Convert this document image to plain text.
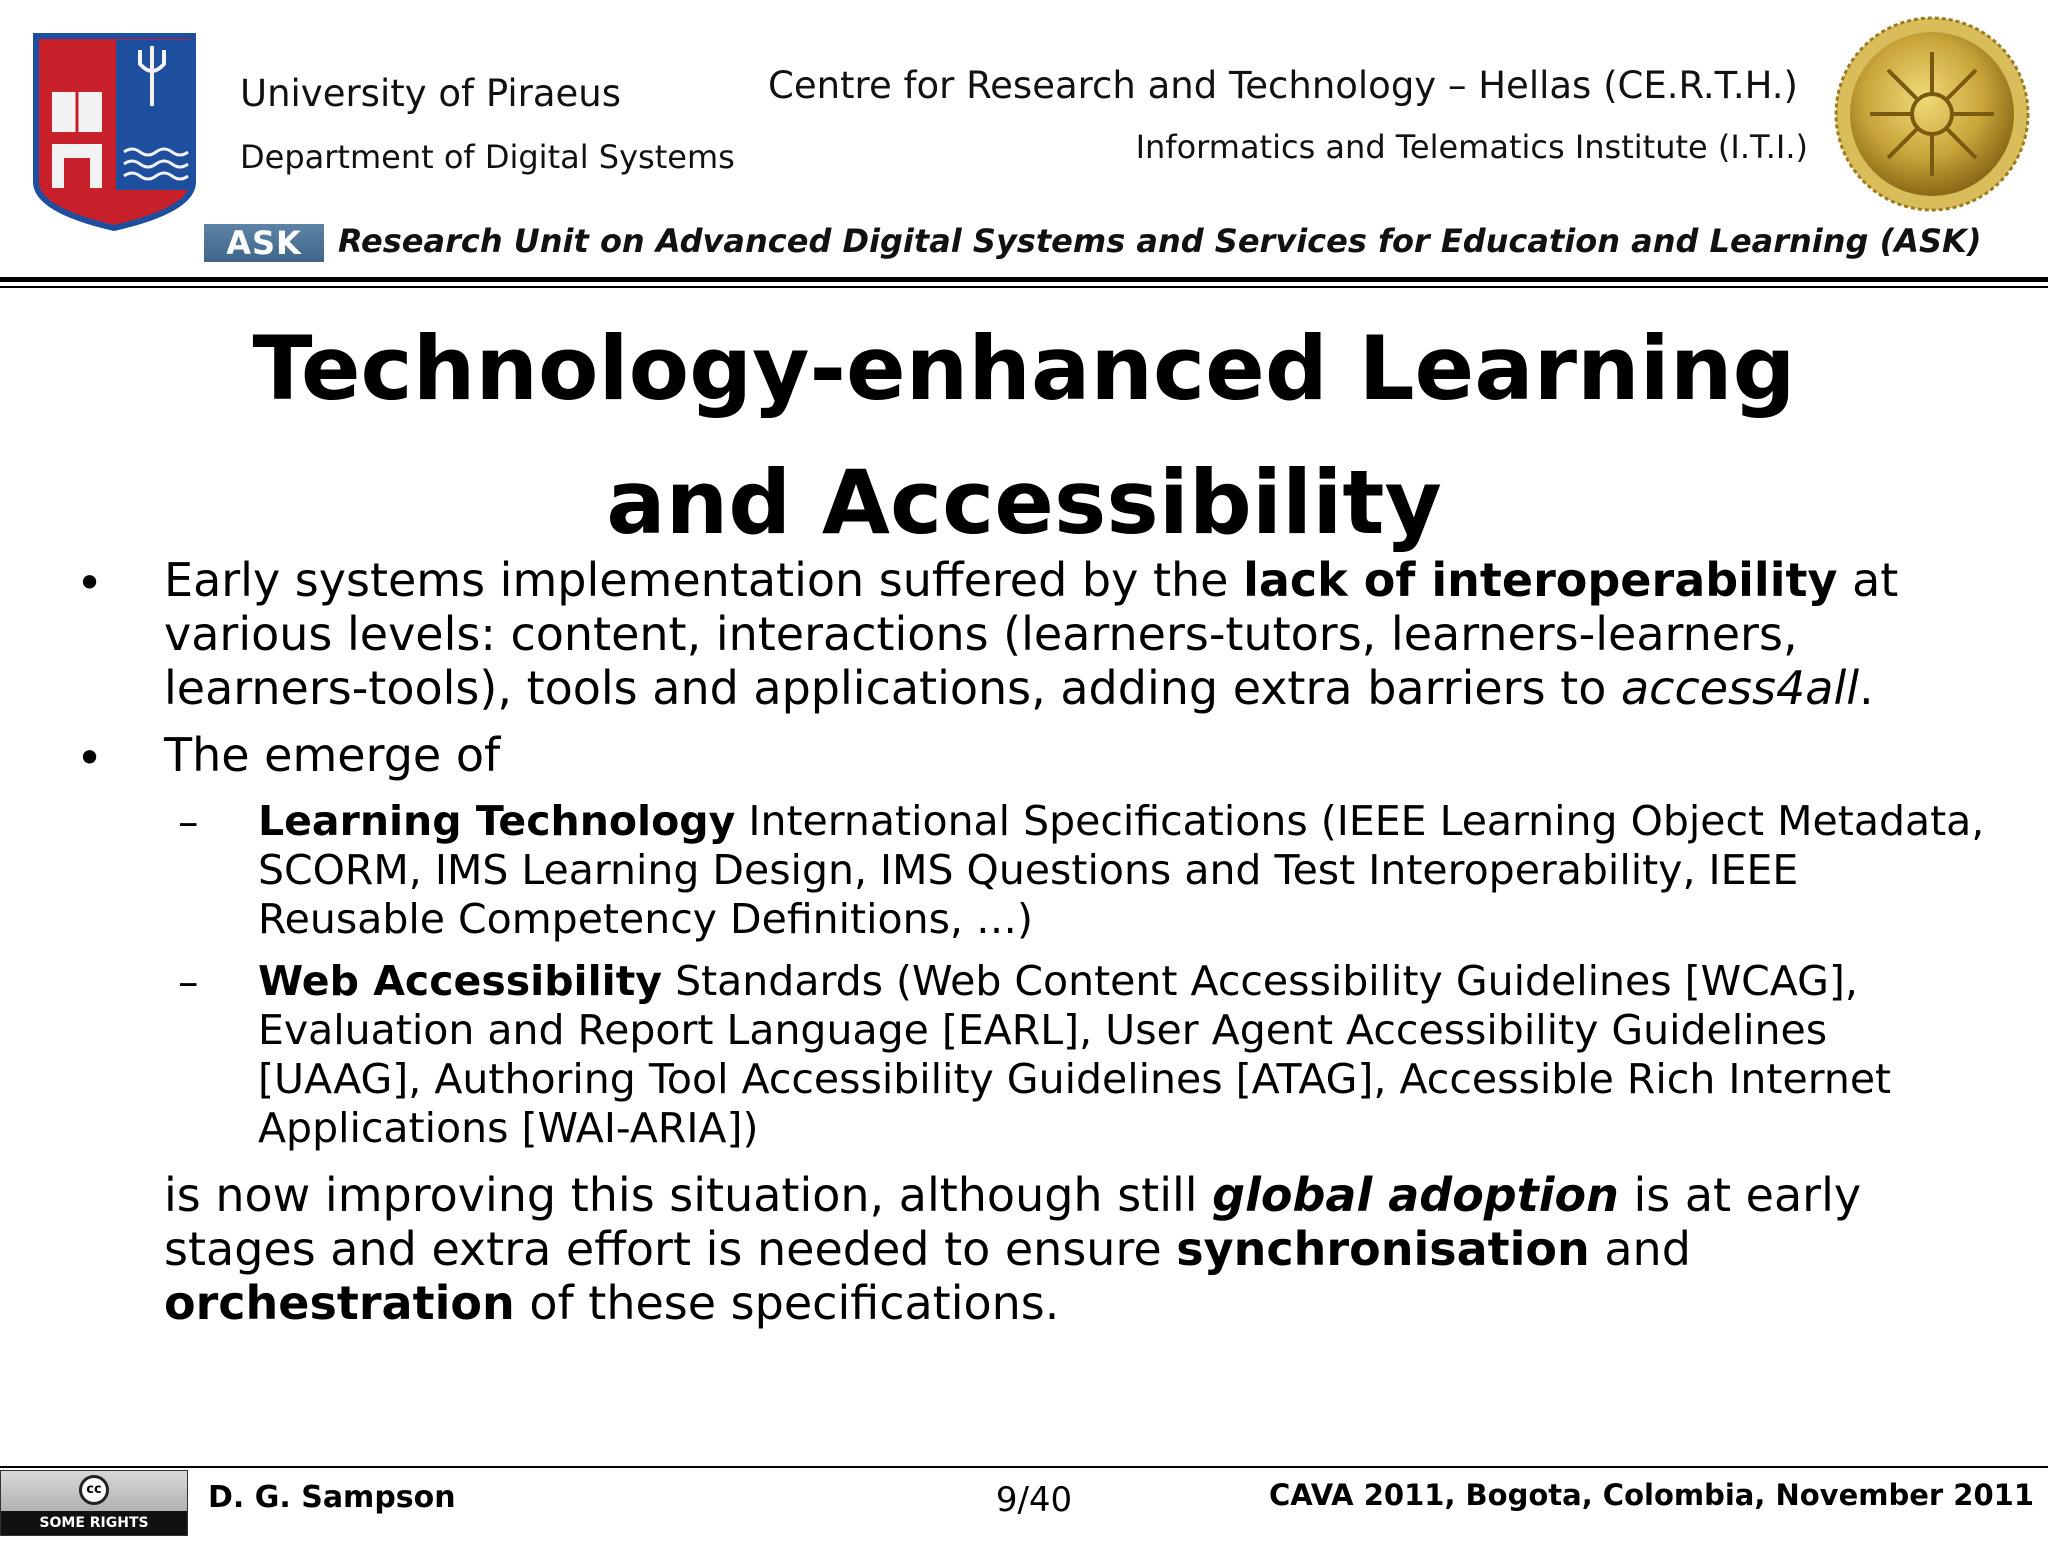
University of Piraeus
Department of Digital Systems
Centre for Research and Technology – Hellas (CE.R.T.H.)
Informatics and Telematics Institute (I.T.I.)
ASK	Research Unit on Advanced Digital Systems and Services for Education and Learning (ASK)
Technology-enhanced Learning
and Accessibility
• Early systems implementation suffered by the lack of interoperability at various levels: content, interactions (learners-tutors, learners-learners, learners-tools), tools and applications, adding extra barriers to access4all.
• The emerge of
– Learning Technology International Specifications (IEEE Learning Object Metadata, SCORM, IMS Learning Design, IMS Questions and Test Interoperability, IEEE Reusable Competency Definitions, …)
– Web Accessibility Standards (Web Content Accessibility Guidelines [WCAG], Evaluation and Report Language [EARL], User Agent Accessibility Guidelines [UAAG], Authoring Tool Accessibility Guidelines [ATAG], Accessible Rich Internet Applications [WAI-ARIA])
is now improving this situation, although still global adoption is at early stages and extra effort is needed to ensure synchronisation and orchestration of these specifications.
cc
SOME RIGHTS RESERVED
D. G. Sampson	9/40	CAVA 2011, Bogota, Colombia, November 2011
